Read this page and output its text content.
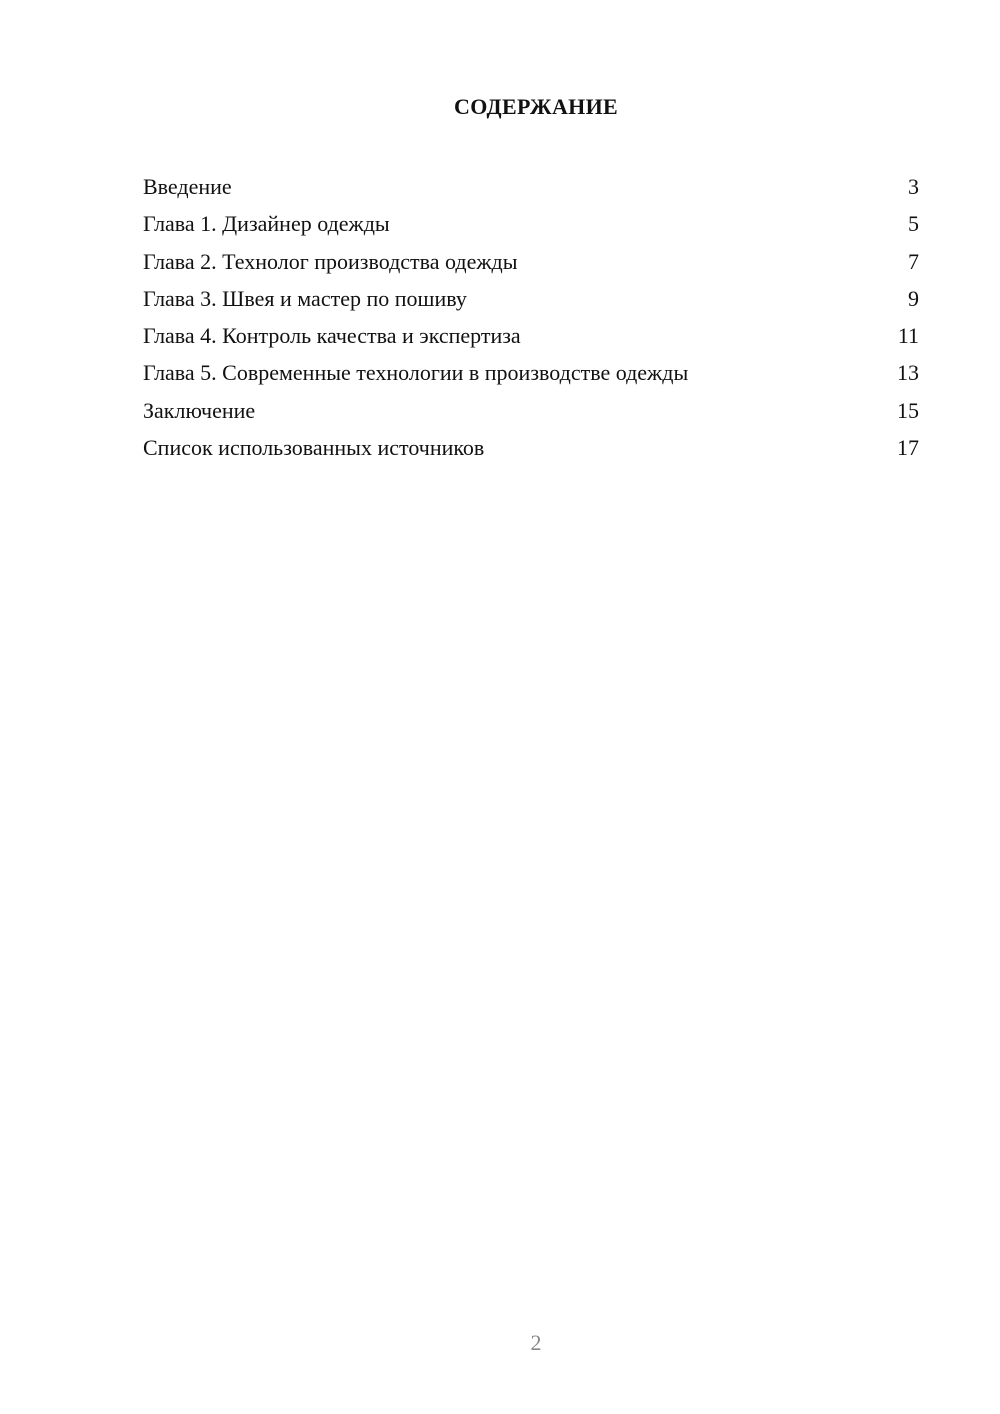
СОДЕРЖАНИЕ
Введение	3
Глава 1. Дизайнер одежды	5
Глава 2. Технолог производства одежды	7
Глава 3. Швея и мастер по пошиву	9
Глава 4. Контроль качества и экспертиза	11
Глава 5. Современные технологии в производстве одежды	13
Заключение	15
Список использованных источников	17
2
